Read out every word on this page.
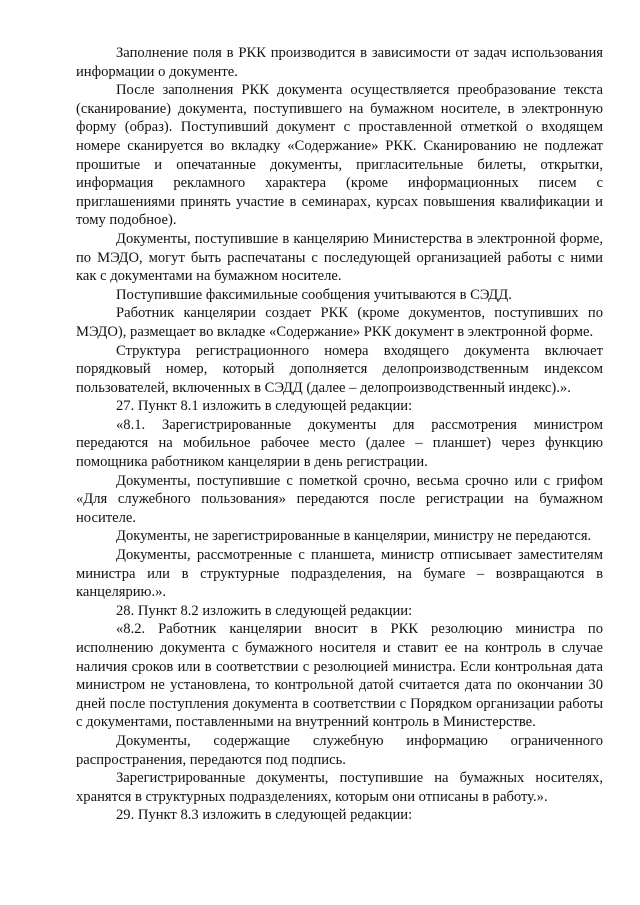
Заполнение поля в РКК производится в зависимости от задач использования информации о документе.

После заполнения РКК документа осуществляется преобразование текста (сканирование) документа, поступившего на бумажном носителе, в электронную форму (образ). Поступивший документ с проставленной отметкой о входящем номере сканируется во вкладку «Содержание» РКК. Сканированию не подлежат прошитые и опечатанные документы, пригласительные билеты, открытки, информация рекламного характера (кроме информационных писем с приглашениями принять участие в семинарах, курсах повышения квалификации и тому подобное).

Документы, поступившие в канцелярию Министерства в электронной форме, по МЭДО, могут быть распечатаны с последующей организацией работы с ними как с документами на бумажном носителе.

Поступившие факсимильные сообщения учитываются в СЭДД.

Работник канцелярии создает РКК (кроме документов, поступивших по МЭДО), размещает во вкладке «Содержание» РКК документ в электронной форме.

Структура регистрационного номера входящего документа включает порядковый номер, который дополняется делопроизводственным индексом пользователей, включенных в СЭДД (далее – делопроизводственный индекс).».

27. Пункт 8.1 изложить в следующей редакции:

«8.1. Зарегистрированные документы для рассмотрения министром передаются на мобильное рабочее место (далее – планшет) через функцию помощника работником канцелярии в день регистрации.

Документы, поступившие с пометкой срочно, весьма срочно или с грифом «Для служебного пользования» передаются после регистрации на бумажном носителе.

Документы, не зарегистрированные в канцелярии, министру не передаются.

Документы, рассмотренные с планшета, министр отписывает заместителям министра или в структурные подразделения, на бумаге – возвращаются в канцелярию.».

28. Пункт 8.2 изложить в следующей редакции:

«8.2. Работник канцелярии вносит в РКК резолюцию министра по исполнению документа с бумажного носителя и ставит ее на контроль в случае наличия сроков или в соответствии с резолюцией министра. Если контрольная дата министром не установлена, то контрольной датой считается дата по окончании 30 дней после поступления документа в соответствии с Порядком организации работы с документами, поставленными на внутренний контроль в Министерстве.

Документы, содержащие служебную информацию ограниченного распространения, передаются под подпись.

Зарегистрированные документы, поступившие на бумажных носителях, хранятся в структурных подразделениях, которым они отписаны в работу.».

29. Пункт 8.3 изложить в следующей редакции:
